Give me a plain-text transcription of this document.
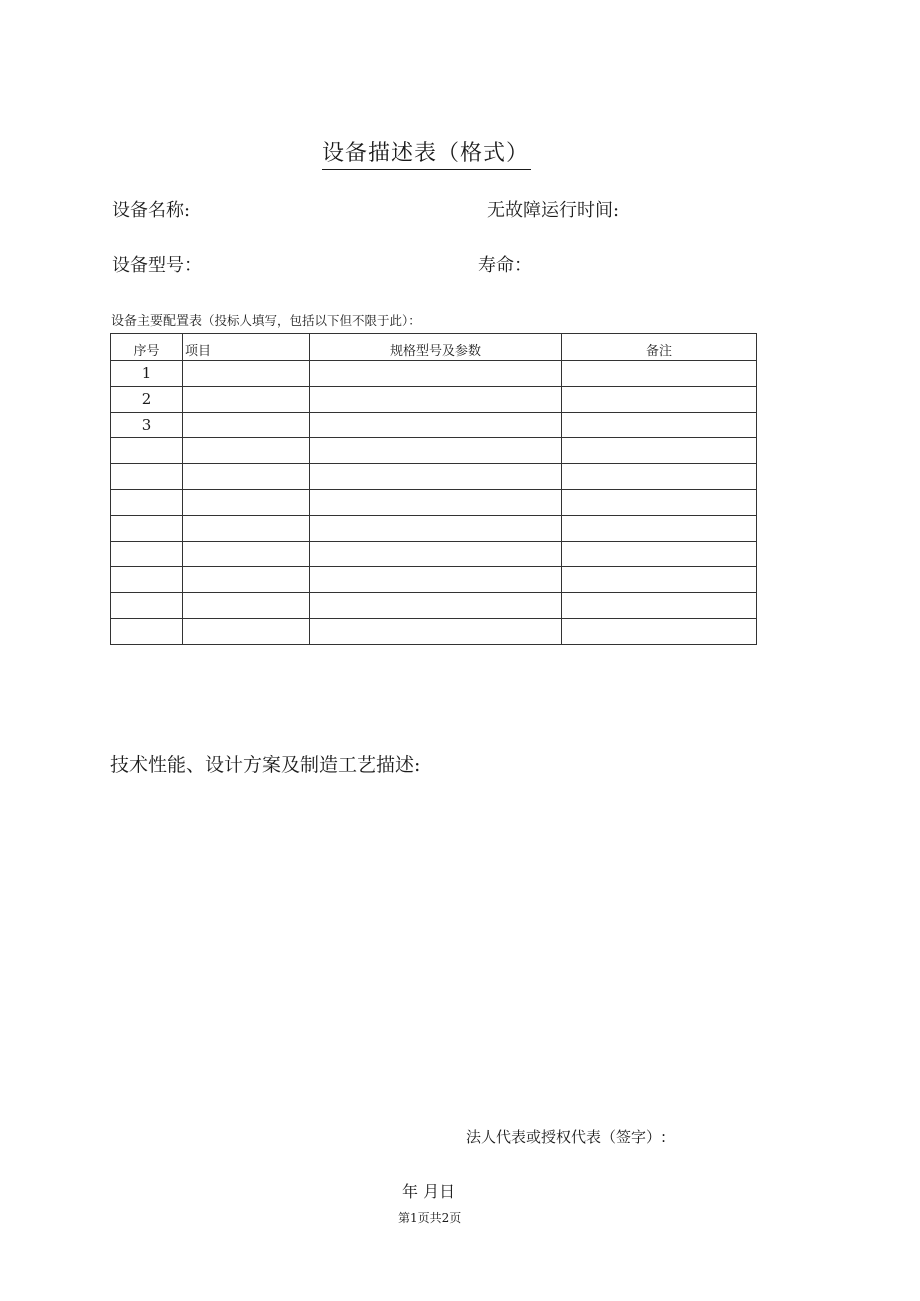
设备描述表（格式）
设备名称:	无故障运行时间:
设备型号：	寿命：
设备主要配置表（投标人填写，包括以下但不限于此）：
序号	项目	规格型号及参数	备注
1			
2			
3			

技术性能、设计方案及制造工艺描述:
法人代表或授权代表（签字）:
年 月日
第1页共2页
